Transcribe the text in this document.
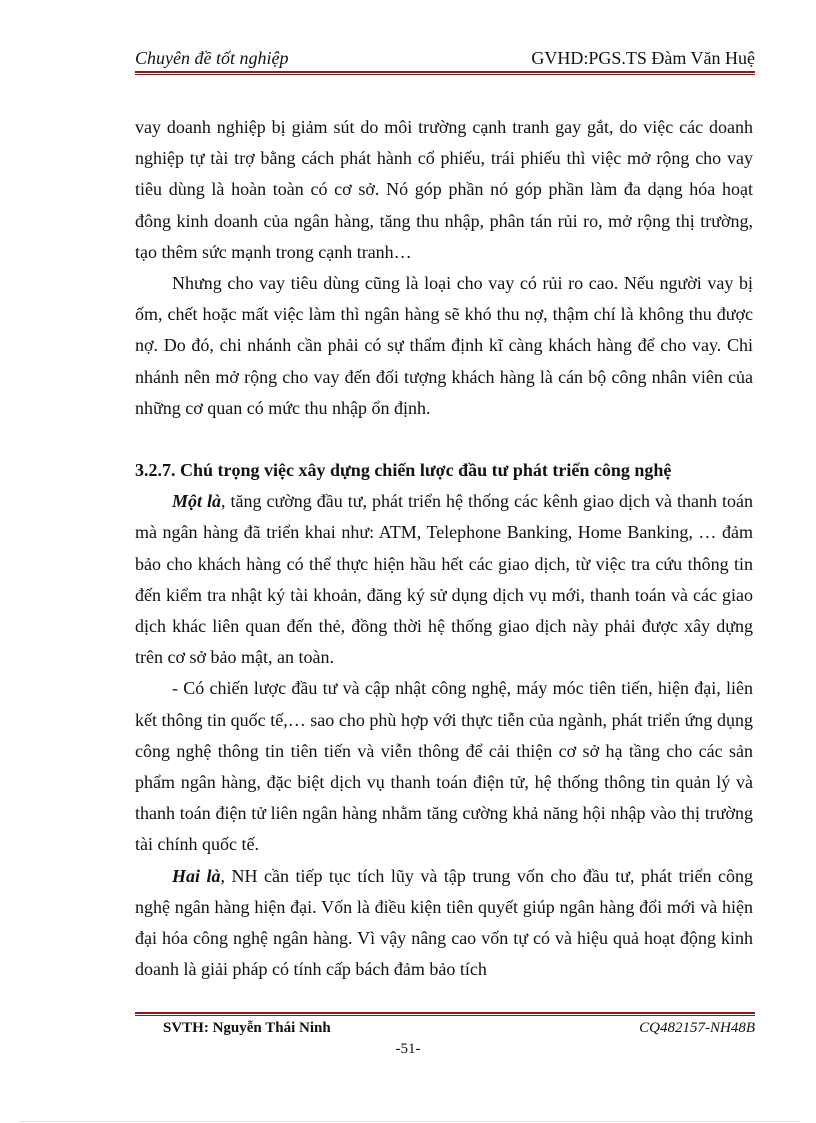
Chuyên đề tốt nghiệp	GVHD:PGS.TS Đàm Văn Huệ

vay doanh nghiệp bị giảm sút do môi trường cạnh tranh gay gắt, do việc các doanh nghiệp tự tài trợ bằng cách phát hành cổ phiếu, trái phiếu thì việc mở rộng cho vay tiêu dùng là hoàn toàn có cơ sở. Nó góp phần nó góp phần làm đa dạng hóa hoạt đông kinh doanh của ngân hàng, tăng thu nhập, phân tán rủi ro, mở rộng thị trường, tạo thêm sức mạnh trong cạnh tranh…

Nhưng cho vay tiêu dùng cũng là loại cho vay có rủi ro cao. Nếu người vay bị ốm, chết hoặc mất việc làm thì ngân hàng sẽ khó thu nợ, thậm chí là không thu được nợ. Do đó, chi nhánh cần phải có sự thẩm định kĩ càng khách hàng để cho vay. Chi nhánh nên mở rộng cho vay đến đối tượng khách hàng là cán bộ công nhân viên của những cơ quan có mức thu nhập ổn định.

3.2.7. Chú trọng việc xây dựng chiến lược đầu tư phát triển công nghệ

Một là, tăng cường đầu tư, phát triển hệ thống các kênh giao dịch và thanh toán mà ngân hàng đã triển khai như: ATM, Telephone Banking, Home Banking, … đảm bảo cho khách hàng có thể thực hiện hầu hết các giao dịch, từ việc tra cứu thông tin đến kiểm tra nhật ký tài khoản, đăng ký sử dụng dịch vụ mới, thanh toán và các giao dịch khác liên quan đến thẻ, đồng thời hệ thống giao dịch này phải được xây dựng trên cơ sở bảo mật, an toàn.

- Có chiến lược đầu tư và cập nhật công nghệ, máy móc tiên tiến, hiện đại, liên kết thông tin quốc tế,… sao cho phù hợp với thực tiễn của ngành, phát triển ứng dụng công nghệ thông tin tiên tiến và viễn thông để cải thiện cơ sở hạ tầng cho các sản phẩm ngân hàng, đặc biệt dịch vụ thanh toán điện tử, hệ thống thông tin quản lý và thanh toán điện tử liên ngân hàng nhằm tăng cường khả năng hội nhập vào thị trường tài chính quốc tế.

Hai là, NH cần tiếp tục tích lũy và tập trung vốn cho đầu tư, phát triển công nghệ ngân hàng hiện đại. Vốn là điều kiện tiên quyết giúp ngân hàng đổi mới và hiện đại hóa công nghệ ngân hàng. Vì vậy nâng cao vốn tự có và hiệu quả hoạt động kinh doanh là giải pháp có tính cấp bách đảm bảo tích

SVTH: Nguyễn Thái Ninh	CQ482157-NH48B
-51-
